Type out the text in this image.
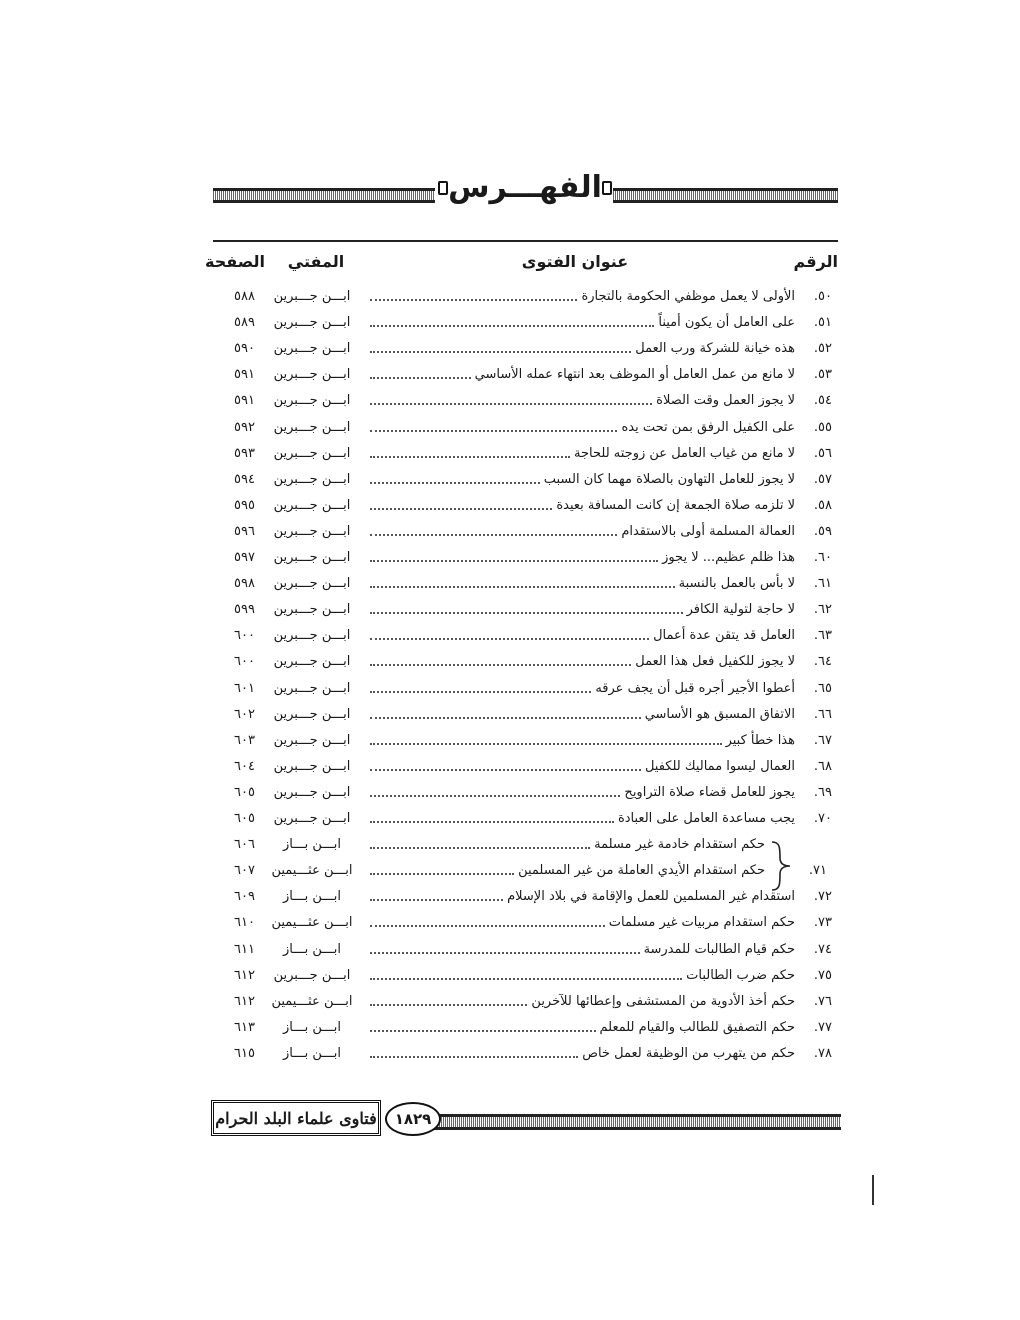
الفهـــرس
الرقم
عنوان الفتوى
المفتي
الصفحة
٥٠.
الأولى لا يعمل موظفي الحكومة بالتجارة
ابـــن جـــبرين
٥٨٨
٥١.
على العامل أن يكون أميناً
ابـــن جـــبرين
٥٨٩
٥٢.
هذه خيانة للشركة ورب العمل
ابـــن جـــبرين
٥٩٠
٥٣.
لا مانع من عمل العامل أو الموظف بعد انتهاء عمله الأساسي
ابـــن جـــبرين
٥٩١
٥٤.
لا يجوز العمل وقت الصلاة
ابـــن جـــبرين
٥٩١
٥٥.
على الكفيل الرفق بمن تحت يده
ابـــن جـــبرين
٥٩٢
٥٦.
لا مانع من غياب العامل عن زوجته للحاجة
ابـــن جـــبرين
٥٩٣
٥٧.
لا يجوز للعامل التهاون بالصلاة مهما كان السبب
ابـــن جـــبرين
٥٩٤
٥٨.
لا تلزمه صلاة الجمعة إن كانت المسافة بعيدة
ابـــن جـــبرين
٥٩٥
٥٩.
العمالة المسلمة أولى بالاستقدام
ابـــن جـــبرين
٥٩٦
٦٠.
هذا ظلم عظيم... لا يجوز
ابـــن جـــبرين
٥٩٧
٦١.
لا بأس بالعمل بالنسبة
ابـــن جـــبرين
٥٩٨
٦٢.
لا حاجة لتولية الكافر
ابـــن جـــبرين
٥٩٩
٦٣.
العامل قد يتقن عدة أعمال
ابـــن جـــبرين
٦٠٠
٦٤.
لا يجوز للكفيل فعل هذا العمل
ابـــن جـــبرين
٦٠٠
٦٥.
أعطوا الأجير أجره قبل أن يجف عرقه
ابـــن جـــبرين
٦٠١
٦٦.
الاتفاق المسبق هو الأساسي
ابـــن جـــبرين
٦٠٢
٦٧.
هذا خطأ كبير
ابـــن جـــبرين
٦٠٣
٦٨.
العمال ليسوا مماليك للكفيل
ابـــن جـــبرين
٦٠٤
٦٩.
يجوز للعامل قضاء صلاة التراويح
ابـــن جـــبرين
٦٠٥
٧٠.
يجب مساعدة العامل على العبادة
ابـــن جـــبرين
٦٠٥
حكم استقدام خادمة غير مسلمة
ابـــن بـــاز
٦٠٦
٧١.
حكم استقدام الأيدي العاملة من غير المسلمين
ابـــن عثـــيمين
٦٠٧
٧٢.
استقدام غير المسلمين للعمل والإقامة في بلاد الإسلام
ابـــن بـــاز
٦٠٩
٧٣.
حكم استقدام مربيات غير مسلمات
ابـــن عثـــيمين
٦١٠
٧٤.
حكم قيام الطالبات للمدرسة
ابـــن بـــاز
٦١١
٧٥.
حكم ضرب الطالبات
ابـــن جـــبرين
٦١٢
٧٦.
حكم أخذ الأدوية من المستشفى وإعطائها للآخرين
ابـــن عثـــيمين
٦١٢
٧٧.
حكم التصفيق للطالب والقيام للمعلم
ابـــن بـــاز
٦١٣
٧٨.
حكم من يتهرب من الوظيفة لعمل خاص
ابـــن بـــاز
٦١٥
فتاوى علماء البلد الحرام	١٨٢٩
